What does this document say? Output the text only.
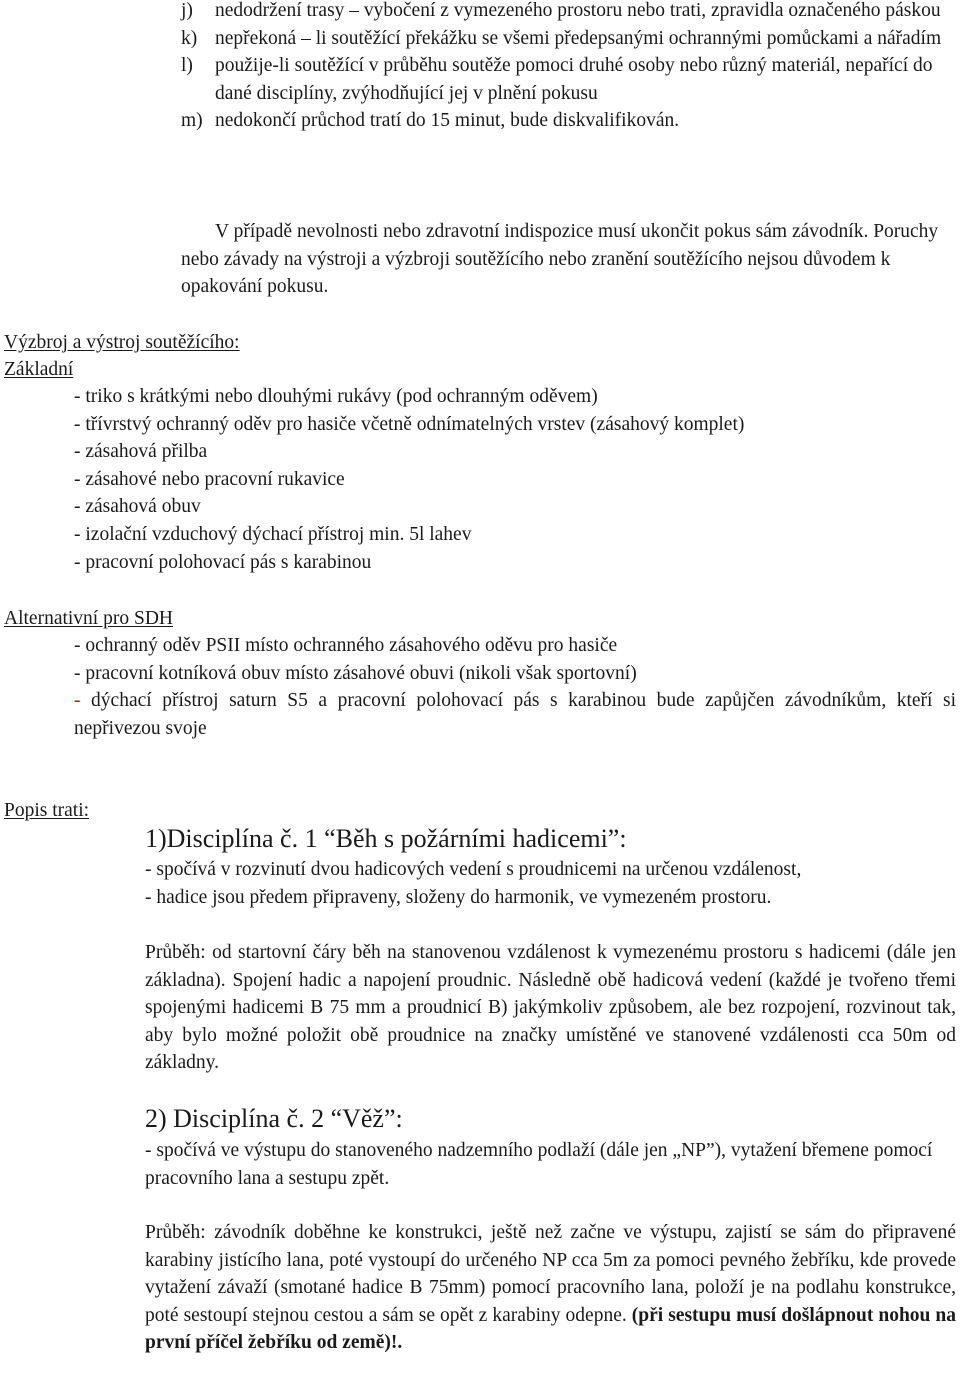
j) nedodržení trasy – vybočení z vymezeného prostoru nebo trati, zpravidla označeného páskou
k) nepřekoná – li soutěžící překážku se všemi předepsanými ochrannými pomůckami a nářadím
l) použije-li soutěžící v průběhu soutěže pomoci druhé osoby nebo různý materiál, nepařící do dané disciplíny, zvýhodňující jej v plnění pokusu
m) nedokončí průchod tratí do 15 minut, bude diskvalifikován.
V případě nevolnosti nebo zdravotní indispozice musí ukončit pokus sám závodník. Poruchy nebo závady na výstroji a výzbroji soutěžícího nebo zranění soutěžícího nejsou důvodem k opakování pokusu.
Výzbroj a výstroj soutěžícího:
Základní
- triko s krátkými nebo dlouhými rukávy (pod ochranným oděvem)
- třívrstvý ochranný oděv pro hasiče včetně odnímatelných vrstev (zásahový komplet)
- zásahová přilba
- zásahové nebo pracovní rukavice
- zásahová obuv
- izolační vzduchový dýchací přístroj min. 5l lahev
- pracovní polohovací pás s karabinou
Alternativní pro SDH
- ochranný oděv PSII místo ochranného zásahového oděvu pro hasiče
- pracovní kotníková obuv místo zásahové obuvi (nikoli však sportovní)
- dýchací přístroj saturn S5 a pracovní polohovací pás s karabinou bude zapůjčen závodníkům, kteří si nepřivezou svoje
Popis trati:
1)Disciplína č. 1 “Běh s požárními hadicemi”:
- spočívá v rozvinutí dvou hadicových vedení s proudnicemi na určenou vzdálenost,
- hadice jsou předem připraveny, složeny do harmonik, ve vymezeném prostoru.
Průběh: od startovní čáry běh na stanovenou vzdálenost k vymezenému prostoru s hadicemi (dále jen základna). Spojení hadic a napojení proudnic. Následně obě hadicová vedení (každé je tvořeno třemi spojenými hadicemi B 75 mm a proudnicí B) jakýmkoliv způsobem, ale bez rozpojení, rozvinout tak, aby bylo možné položit obě proudnice na značky umístěné ve stanovené vzdálenosti cca 50m od základny.
2) Disciplína č. 2 “Věž”:
- spočívá ve výstupu do stanoveného nadzemního podlaží (dále jen „NP”), vytažení břemene pomocí pracovního lana a sestupu zpět.
Průběh: závodník doběhne ke konstrukci, ještě než začne ve výstupu, zajistí se sám do připravené karabiny jistícího lana, poté vystoupí do určeného NP cca 5m za pomoci pevného žebříku, kde provede vytažení závaží (smotané hadice B 75mm) pomocí pracovního lana, položí je na podlahu konstrukce, poté sestoupí stejnou cestou a sám se opět z karabiny odepne. (při sestupu musí došlápnout nohou na první příčel žebříku od země)!.
